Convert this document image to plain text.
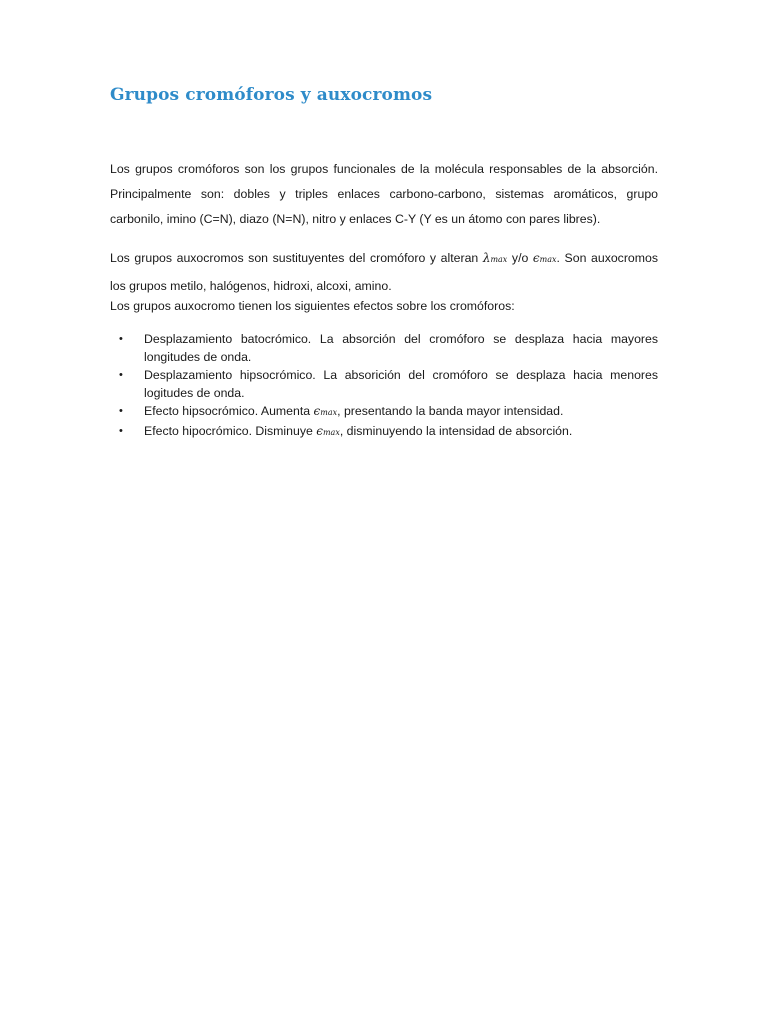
Grupos cromóforos y auxocromos

Los grupos cromóforos son los grupos funcionales de la molécula responsables de la absorción. Principalmente son: dobles y triples enlaces carbono-carbono, sistemas aromáticos, grupo carbonilo, imino (C=N), diazo (N=N), nitro y enlaces C-Y (Y es un átomo con pares libres).

Los grupos auxocromos son sustituyentes del cromóforo y alteran λmax y/o ϵmax. Son auxocromos los grupos metilo, halógenos, hidroxi, alcoxi, amino.

Los grupos auxocromo tienen los siguientes efectos sobre los cromóforos:

• Desplazamiento batocrómico. La absorción del cromóforo se desplaza hacia mayores longitudes de onda.
• Desplazamiento hipsocrómico. La absorición del cromóforo se desplaza hacia menores logitudes de onda.
• Efecto hipsocrómico. Aumenta ϵmax, presentando la banda mayor intensidad.
• Efecto hipocrómico. Disminuye ϵmax, disminuyendo la intensidad de absorción.
